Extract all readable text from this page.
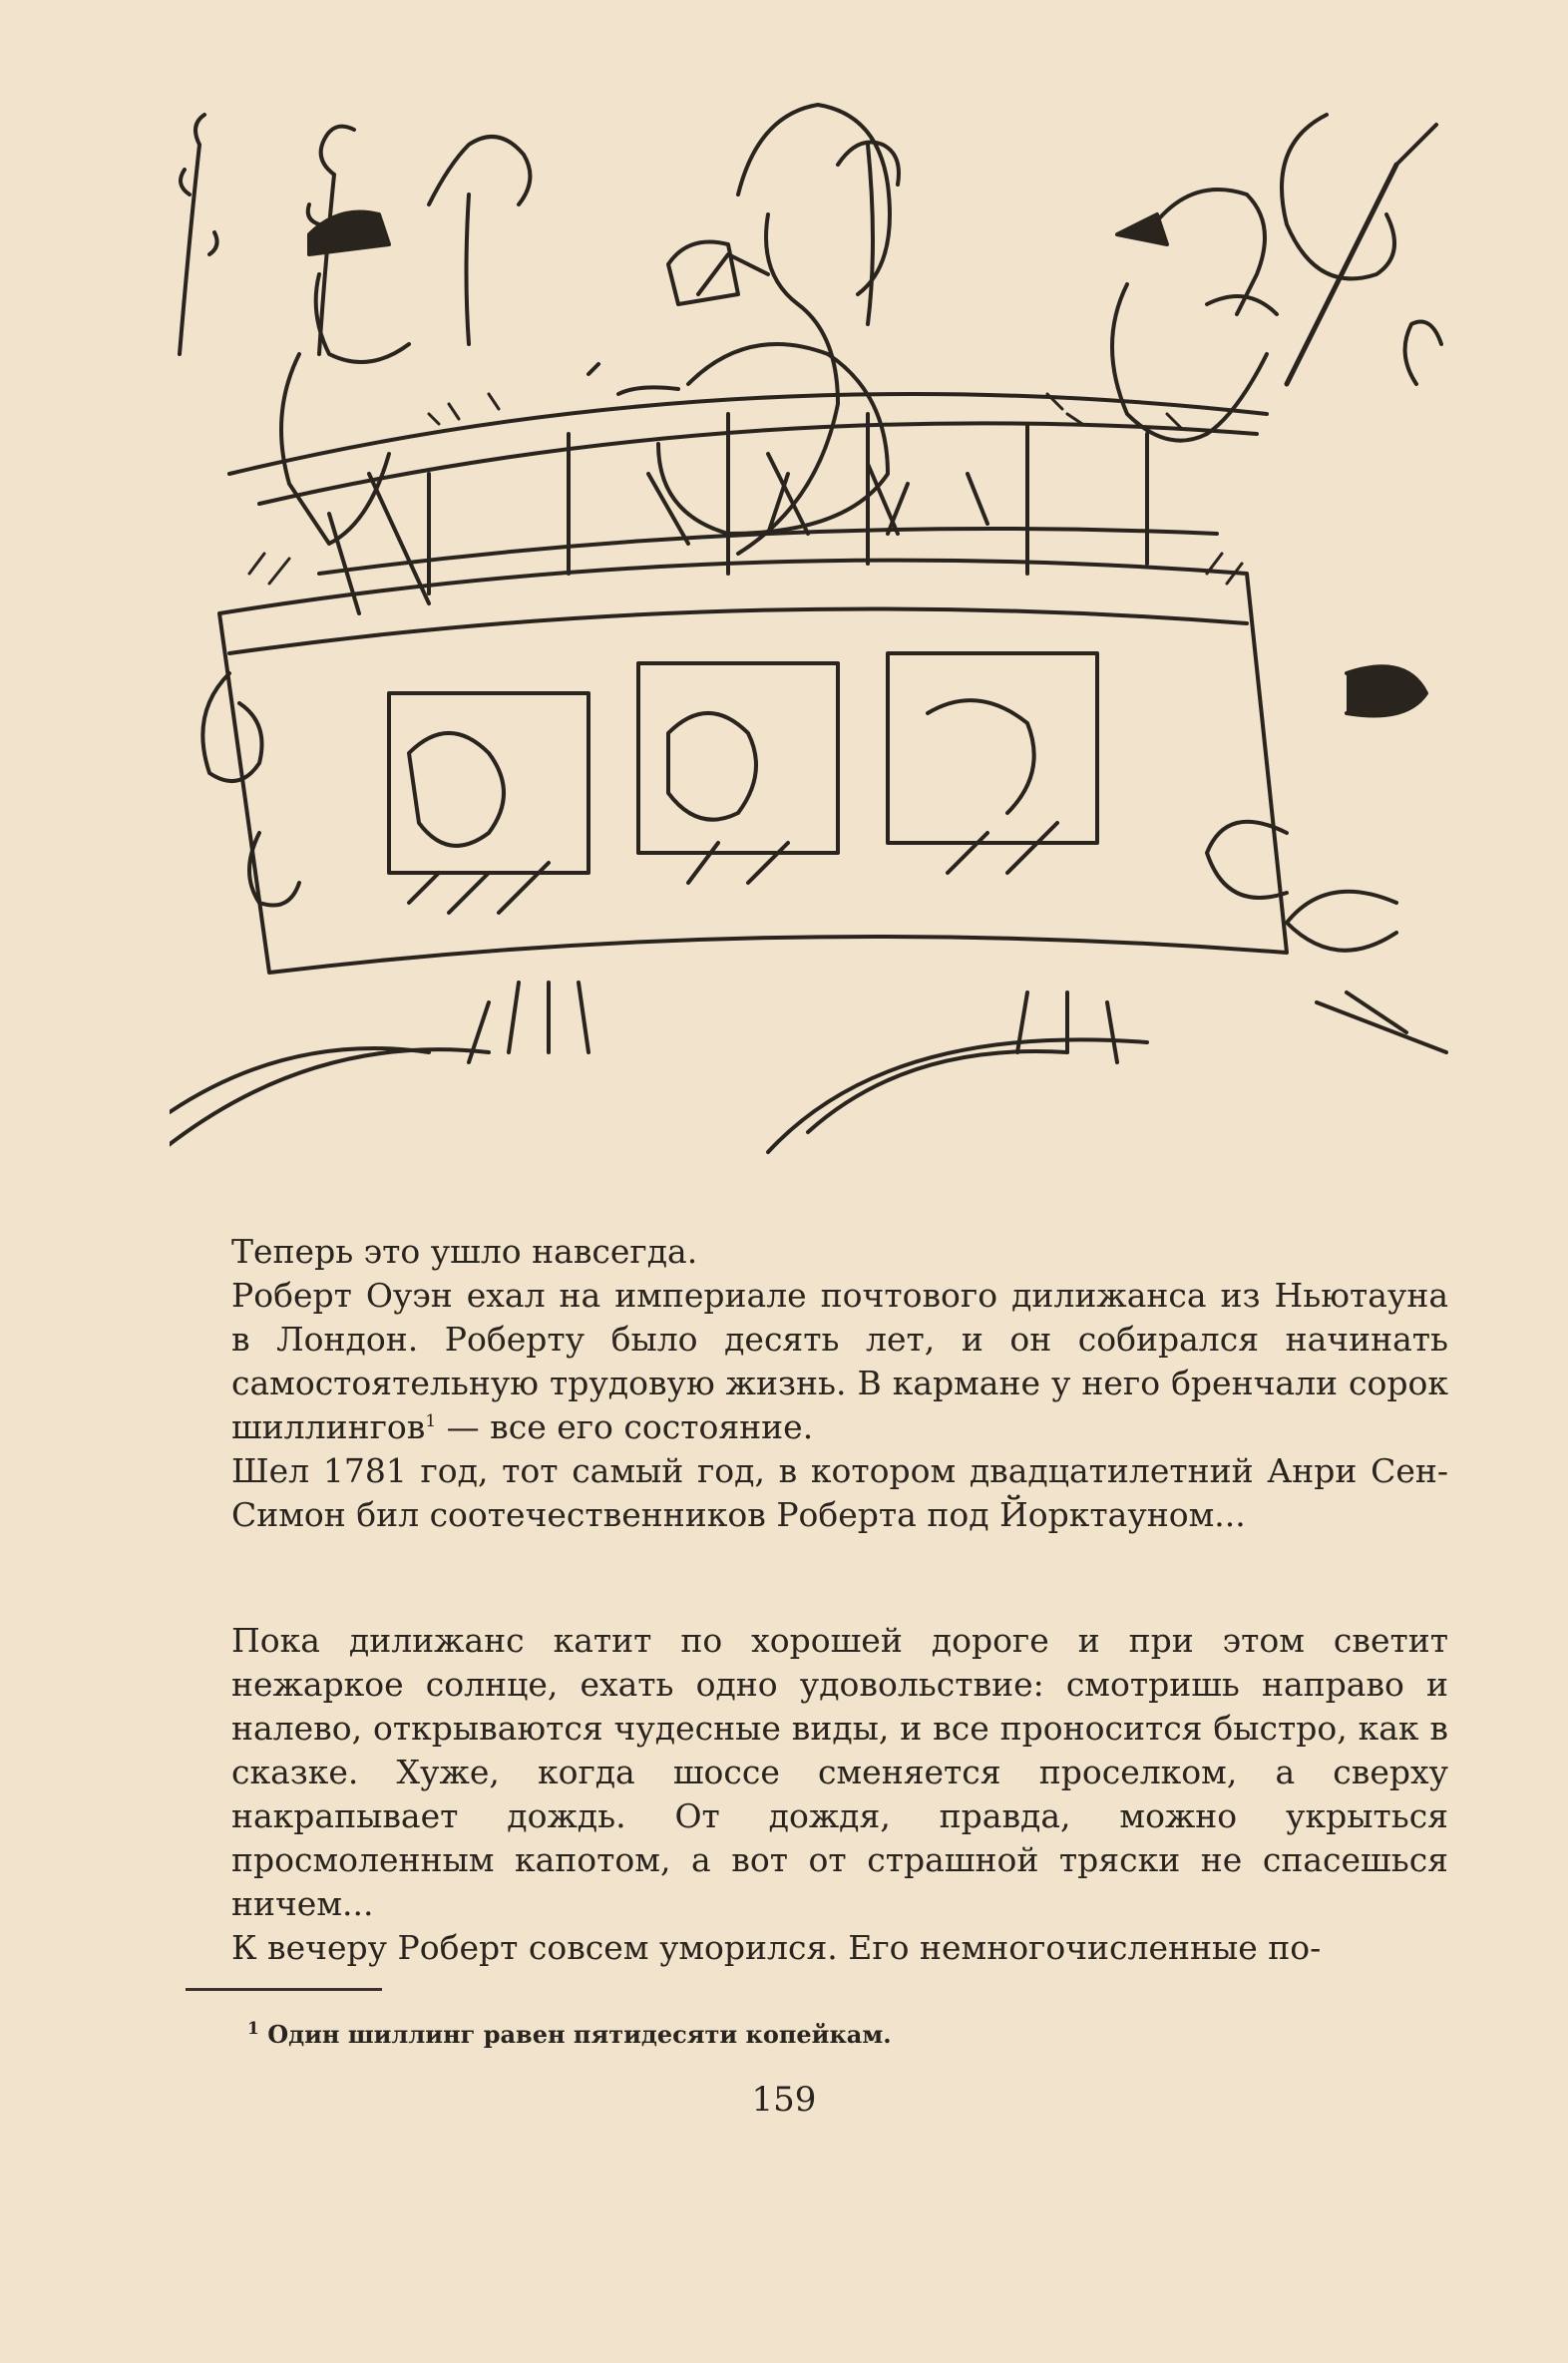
Теперь это ушло навсегда.

Роберт Оуэн ехал на империале почтового дилижанса из Ньютауна в Лондон. Роберту было десять лет, и он собирался начинать самостоятельную трудовую жизнь. В кармане у него бренчали сорок шиллингов$^1$ — все его состояние.

Шел 1781 год, тот самый год, в котором двадцатилетний Анри Сен-Симон бил соотечественников Роберта под Йорктауном...

Пока дилижанс катит по хорошей дороге и при этом светит нежаркое солнце, ехать одно удовольствие: смотришь направо и налево, открываются чудесные виды, и все проносится быстро, как в сказке. Хуже, когда шоссе сменяется проселком, а сверху накрапывает дождь. От дождя, правда, можно укрыться просмоленным капотом, а вот от страшной тряски не спасешься ничем...

К вечеру Роберт совсем уморился. Его немногочисленные по-

$^1$ Один шиллинг равен пятидесяти копейкам.
159
